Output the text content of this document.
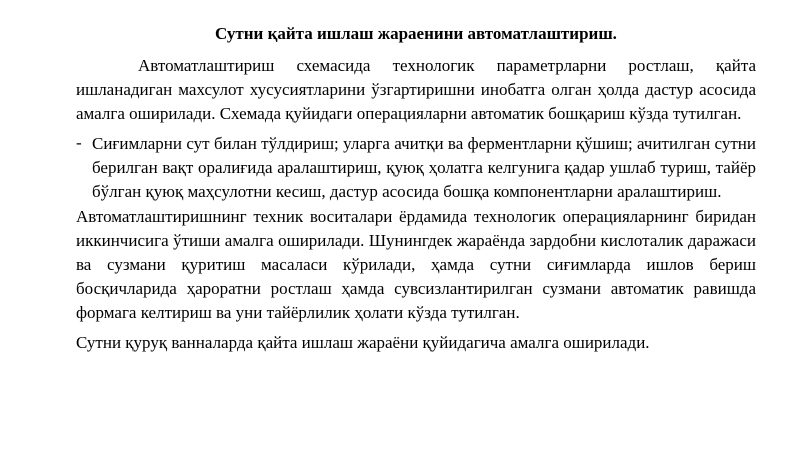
Сутни қайта ишлаш жараенини автоматлаштириш.

Автоматлаштириш схемасида технологик параметрларни ростлаш, қайта ишланадиган махсулот хусусиятларини ўзгартиришни инобатга олган ҳолда дастур асосида амалга оширилади. Схемада қуйидаги операцияларни автоматик бошқариш кўзда тутилган.

- Сиғимларни сут билан тўлдириш; уларга ачитқи ва ферментларни қўшиш; ачитилган сутни берилган вақт оралиғида аралаштириш, қуюқ ҳолатга келгунига қадар ушлаб туриш, тайёр бўлган қуюқ маҳсулотни кесиш, дастур асосида бошқа компонентларни аралаштириш.

Автоматлаштиришнинг техник воситалари ёрдамида технологик операцияларнинг биридан иккинчисига ўтиши амалга оширилади. Шунингдек жараёнда зардобни кислоталик даражаси ва сузмани қуритиш масаласи кўрилади, ҳамда сутни сиғимларда ишлов бериш босқичларида ҳароратни ростлаш ҳамда сувсизлантирилган сузмани автоматик равишда формага келтириш ва уни тайёрлилик ҳолати кўзда тутилган.

Сутни қуруқ ванналарда қайта ишлаш жараёни қуйидагича амалга оширилади.
